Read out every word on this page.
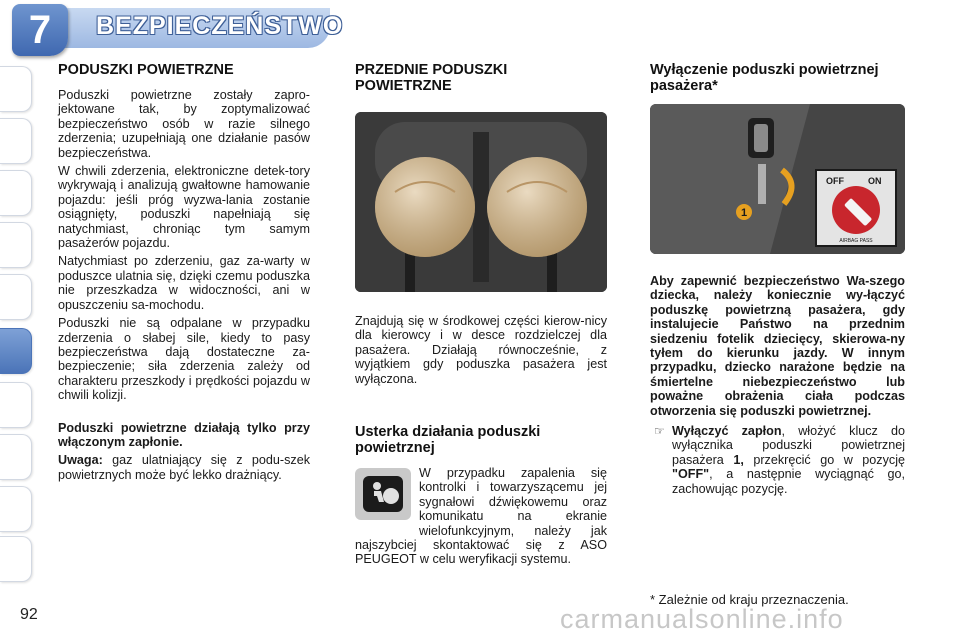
7	BEZPIECZEŃSTWO
92
PODUSZKI POWIETRZNE

Poduszki powietrzne zostały zapro-jektowane tak, by zoptymalizować bezpieczeństwo osób w razie silnego zderzenia; uzupełniają one działanie pasów bezpieczeństwa.

W chwili zderzenia, elektroniczne detek-tory wykrywają i analizują gwałtowne hamowanie pojazdu: jeśli próg wyzwa-lania zostanie osiągnięty, poduszki napełniają się natychmiast, chroniąc tym samym pasażerów pojazdu.

Natychmiast po zderzeniu, gaz za-warty w poduszce ulatnia się, dzięki czemu poduszka nie przeszkadza w widoczności, ani w opuszczeniu sa-mochodu.

Poduszki nie są odpalane w przypadku zderzenia o słabej sile, kiedy to pasy bezpieczeństwa dają dostateczne za-bezpieczenie; siła zderzenia zależy od charakteru przeszkody i prędkości pojazdu w chwili kolizji.

Poduszki powietrzne działają tylko przy włączonym zapłonie.

Uwaga: gaz ulatniający się z podu-szek powietrznych może być lekko drażniący.

PRZEDNIE PODUSZKI POWIETRZNE

Znajdują się w środkowej części kierow-nicy dla kierowcy i w desce rozdzielczej dla pasażera. Działają równocześnie, z wyjątkiem gdy poduszka pasażera jest wyłączona.

Usterka działania poduszki powietrznej

W przypadku zapalenia się kontrolki i towarzyszącemu jej sygnałowi dźwiękowemu oraz komunikatu na ekranie wielofunkcyjnym, należy jak najszybciej skontaktować się z ASO PEUGEOT w celu weryfikacji systemu.

Wyłączenie poduszki powietrznej pasażera*
1
OFF	ON
AIRBAG PASS

Aby zapewnić bezpieczeństwo Wa-szego dziecka, należy koniecznie wy-łączyć poduszkę powietrzną pasażera, gdy instalujecie Państwo na przednim siedzeniu fotelik dziecięcy, skierowa-ny tyłem do kierunku jazdy. W innym przypadku, dziecko narażone będzie na śmiertelne niebezpieczeństwo lub poważne obrażenia ciała podczas otworzenia się poduszki powietrznej.

☞ Wyłączyć zapłon, włożyć klucz do wyłącznika poduszki powietrznej pasażera 1, przekręcić go w pozycję "OFF", a następnie wyciągnąć go, zachowując pozycję.

* Zależnie od kraju przeznaczenia.
carmanualsonline.info
